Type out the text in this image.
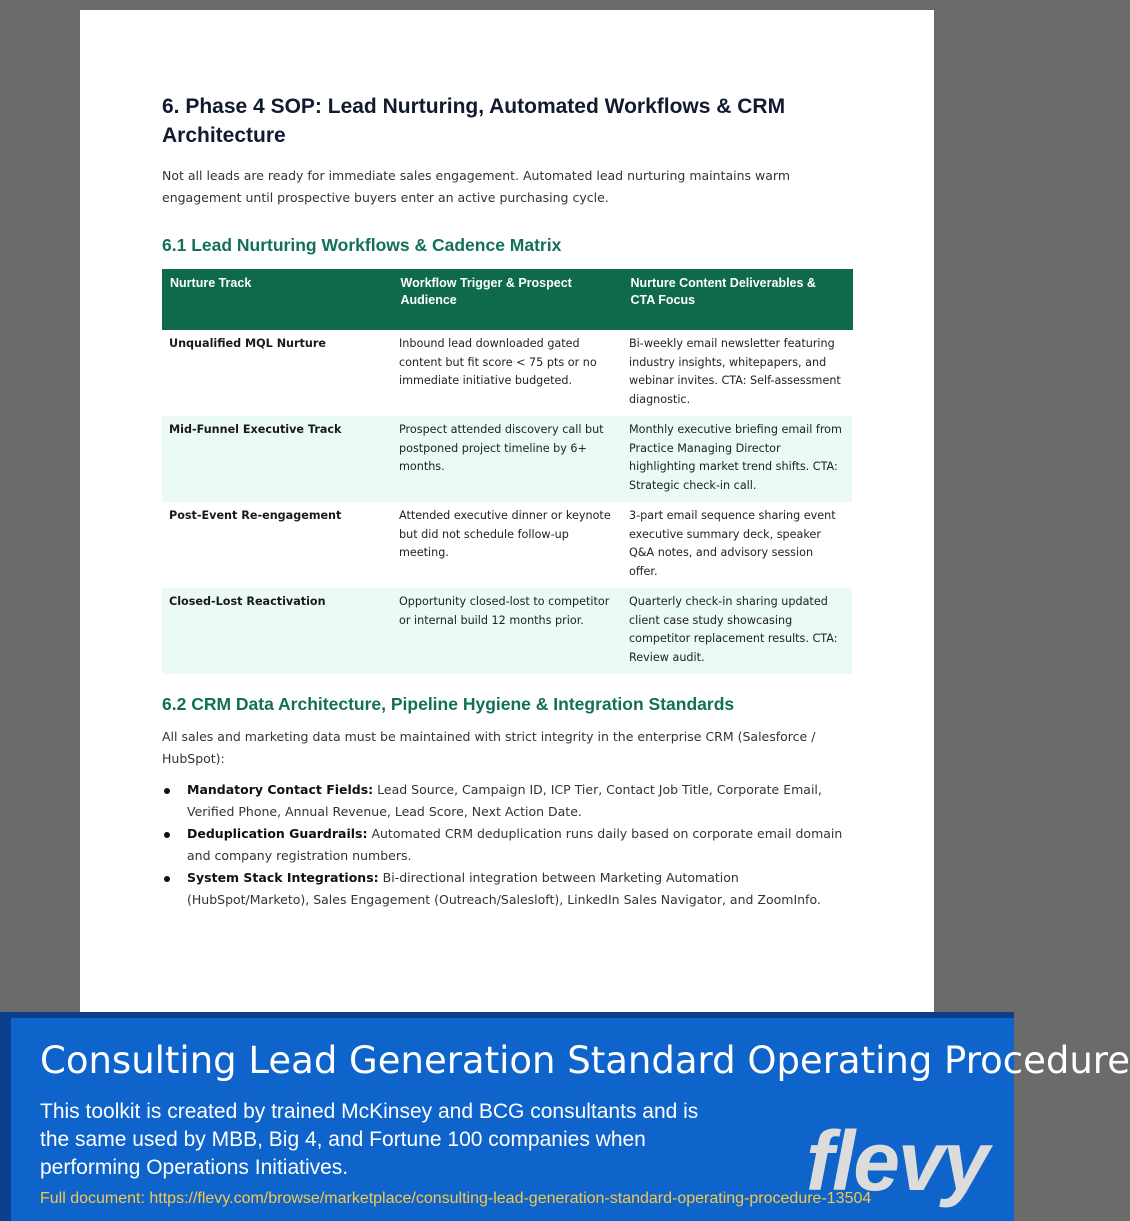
6. Phase 4 SOP: Lead Nurturing, Automated Workflows & CRM Architecture

Not all leads are ready for immediate sales engagement. Automated lead nurturing maintains warm engagement until prospective buyers enter an active purchasing cycle.

6.1 Lead Nurturing Workflows & Cadence Matrix
Nurture Track	Workflow Trigger & Prospect Audience	Nurture Content Deliverables & CTA Focus
Unqualified MQL Nurture	Inbound lead downloaded gated content but fit score < 75 pts or no immediate initiative budgeted.	Bi-weekly email newsletter featuring industry insights, whitepapers, and webinar invites. CTA: Self-assessment diagnostic.
Mid-Funnel Executive Track	Prospect attended discovery call but postponed project timeline by 6+ months.	Monthly executive briefing email from Practice Managing Director highlighting market trend shifts. CTA: Strategic check-in call.
Post-Event Re-engagement	Attended executive dinner or keynote but did not schedule follow-up meeting.	3-part email sequence sharing event executive summary deck, speaker Q&A notes, and advisory session offer.
Closed-Lost Reactivation	Opportunity closed-lost to competitor or internal build 12 months prior.	Quarterly check-in sharing updated client case study showcasing competitor replacement results. CTA: Review audit.
6.2 CRM Data Architecture, Pipeline Hygiene & Integration Standards

All sales and marketing data must be maintained with strict integrity in the enterprise CRM (Salesforce / HubSpot):

Mandatory Contact Fields: Lead Source, Campaign ID, ICP Tier, Contact Job Title, Corporate Email, Verified Phone, Annual Revenue, Lead Score, Next Action Date.
Deduplication Guardrails: Automated CRM deduplication runs daily based on corporate email domain and company registration numbers.
System Stack Integrations: Bi-directional integration between Marketing Automation (HubSpot/Marketo), Sales Engagement (Outreach/Salesloft), LinkedIn Sales Navigator, and ZoomInfo.
Consulting Lead Generation Standard Operating Procedure
This toolkit is created by trained McKinsey and BCG consultants and is the same used by MBB, Big 4, and Fortune 100 companies when performing Operations Initiatives.
Full document: https://flevy.com/browse/marketplace/consulting-lead-generation-standard-operating-procedure-13504
flevy
